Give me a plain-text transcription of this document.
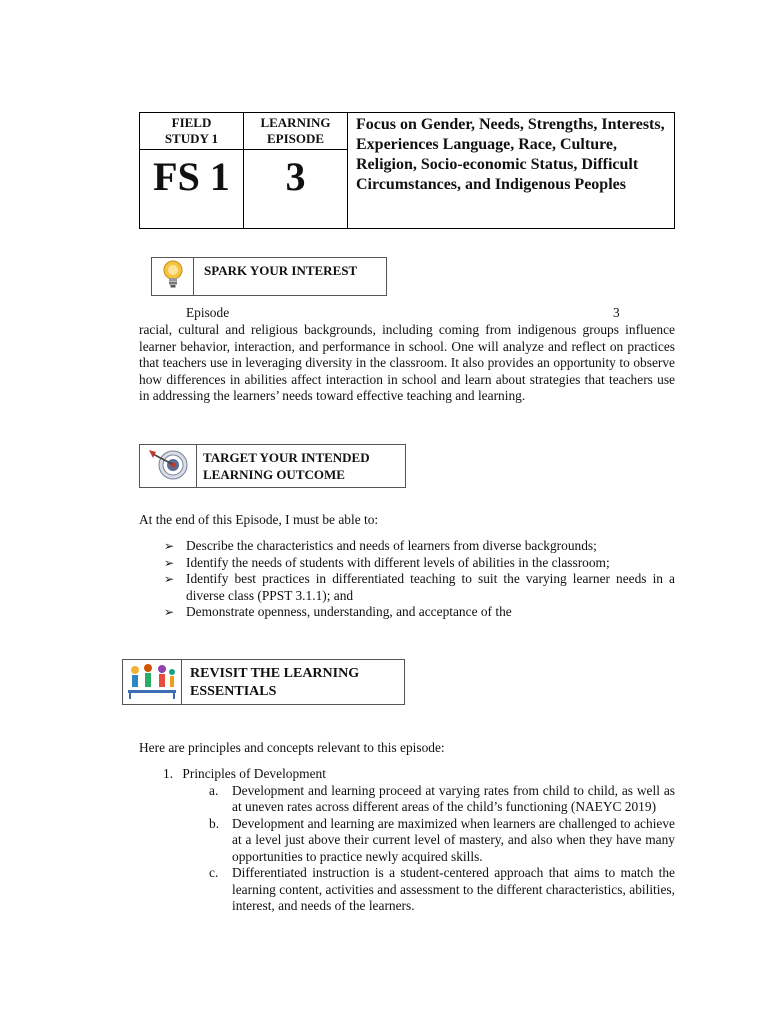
FIELD STUDY 1
FS 1
LEARNING EPISODE
3
Focus on Gender, Needs, Strengths, Interests, Experiences Language, Race, Culture, Religion, Socio-economic Status, Difficult Circumstances, and Indigenous Peoples
SPARK YOUR INTEREST
Episode	3
racial, cultural and religious backgrounds, including coming from indigenous groups influence learner behavior, interaction, and performance in school. One will analyze and reflect on practices that teachers use in leveraging diversity in the classroom. It also provides an opportunity to observe how differences in abilities affect interaction in school and learn about strategies that teachers use in addressing the learners’ needs toward effective teaching and learning.
TARGET YOUR INTENDED
LEARNING OUTCOME
At the end of this Episode, I must be able to:
➢ Describe the characteristics and needs of learners from diverse backgrounds;
➢ Identify the needs of students with different levels of abilities in the classroom;
➢ Identify best practices in differentiated teaching to suit the varying learner needs in a diverse class (PPST 3.1.1); and
➢ Demonstrate openness, understanding, and acceptance of the
REVISIT THE LEARNING
ESSENTIALS
Here are principles and concepts relevant to this episode:
1. Principles of Development
a. Development and learning proceed at varying rates from child to child, as well as at uneven rates across different areas of the child’s functioning (NAEYC 2019)
b. Development and learning are maximized when learners are challenged to achieve at a level just above their current level of mastery, and also when they have many opportunities to practice newly acquired skills.
c. Differentiated instruction is a student-centered approach that aims to match the learning content, activities and assessment to the different characteristics, abilities, interest, and needs of the learners.
